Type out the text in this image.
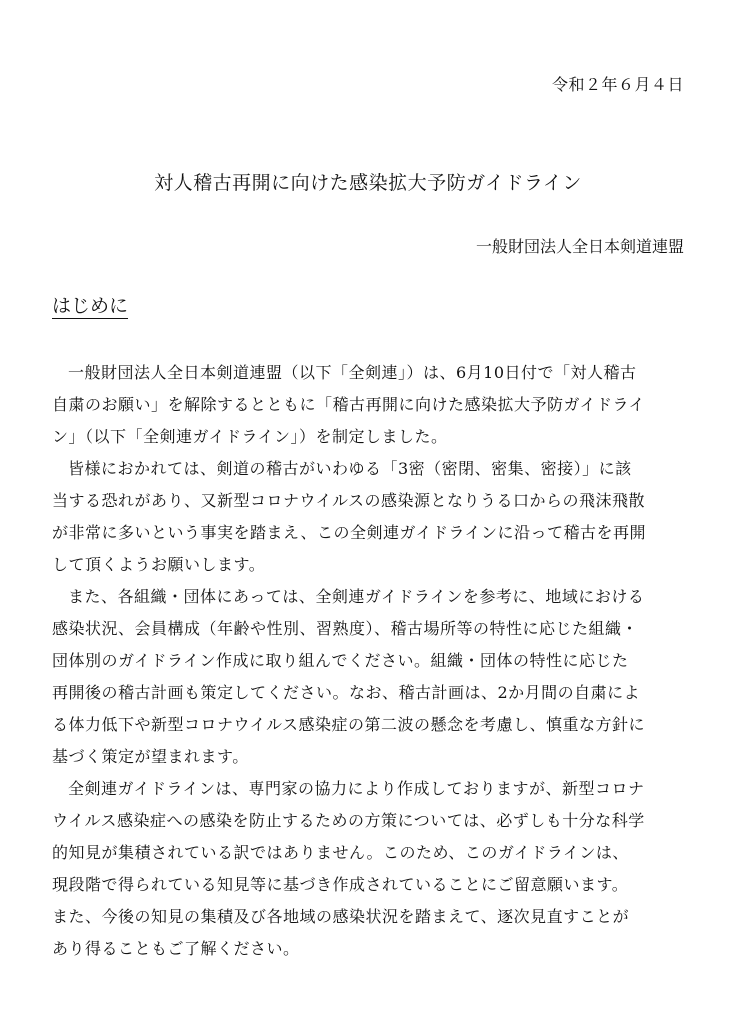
令和２年６月４日
対人稽古再開に向けた感染拡大予防ガイドライン
一般財団法人全日本剣道連盟
はじめに
一般財団法人全日本剣道連盟（以下「全剣連」）は、6月10日付で「対人稽古
自粛のお願い」を解除するとともに「稽古再開に向けた感染拡大予防ガイドライ
ン」（以下「全剣連ガイドライン」）を制定しました。
皆様におかれては、剣道の稽古がいわゆる「3密（密閉、密集、密接）」に該
当する恐れがあり、又新型コロナウイルスの感染源となりうる口からの飛沫飛散
が非常に多いという事実を踏まえ、この全剣連ガイドラインに沿って稽古を再開
して頂くようお願いします。
また、各組織・団体にあっては、全剣連ガイドラインを参考に、地域における
感染状況、会員構成（年齢や性別、習熟度）、稽古場所等の特性に応じた組織・
団体別のガイドライン作成に取り組んでください。組織・団体の特性に応じた
再開後の稽古計画も策定してください。なお、稽古計画は、2か月間の自粛によ
る体力低下や新型コロナウイルス感染症の第二波の懸念を考慮し、慎重な方針に
基づく策定が望まれます。
全剣連ガイドラインは、専門家の協力により作成しておりますが、新型コロナ
ウイルス感染症への感染を防止するための方策については、必ずしも十分な科学
的知見が集積されている訳ではありません。このため、このガイドラインは、
現段階で得られている知見等に基づき作成されていることにご留意願います。
また、今後の知見の集積及び各地域の感染状況を踏まえて、逐次見直すことが
あり得ることもご了解ください。
